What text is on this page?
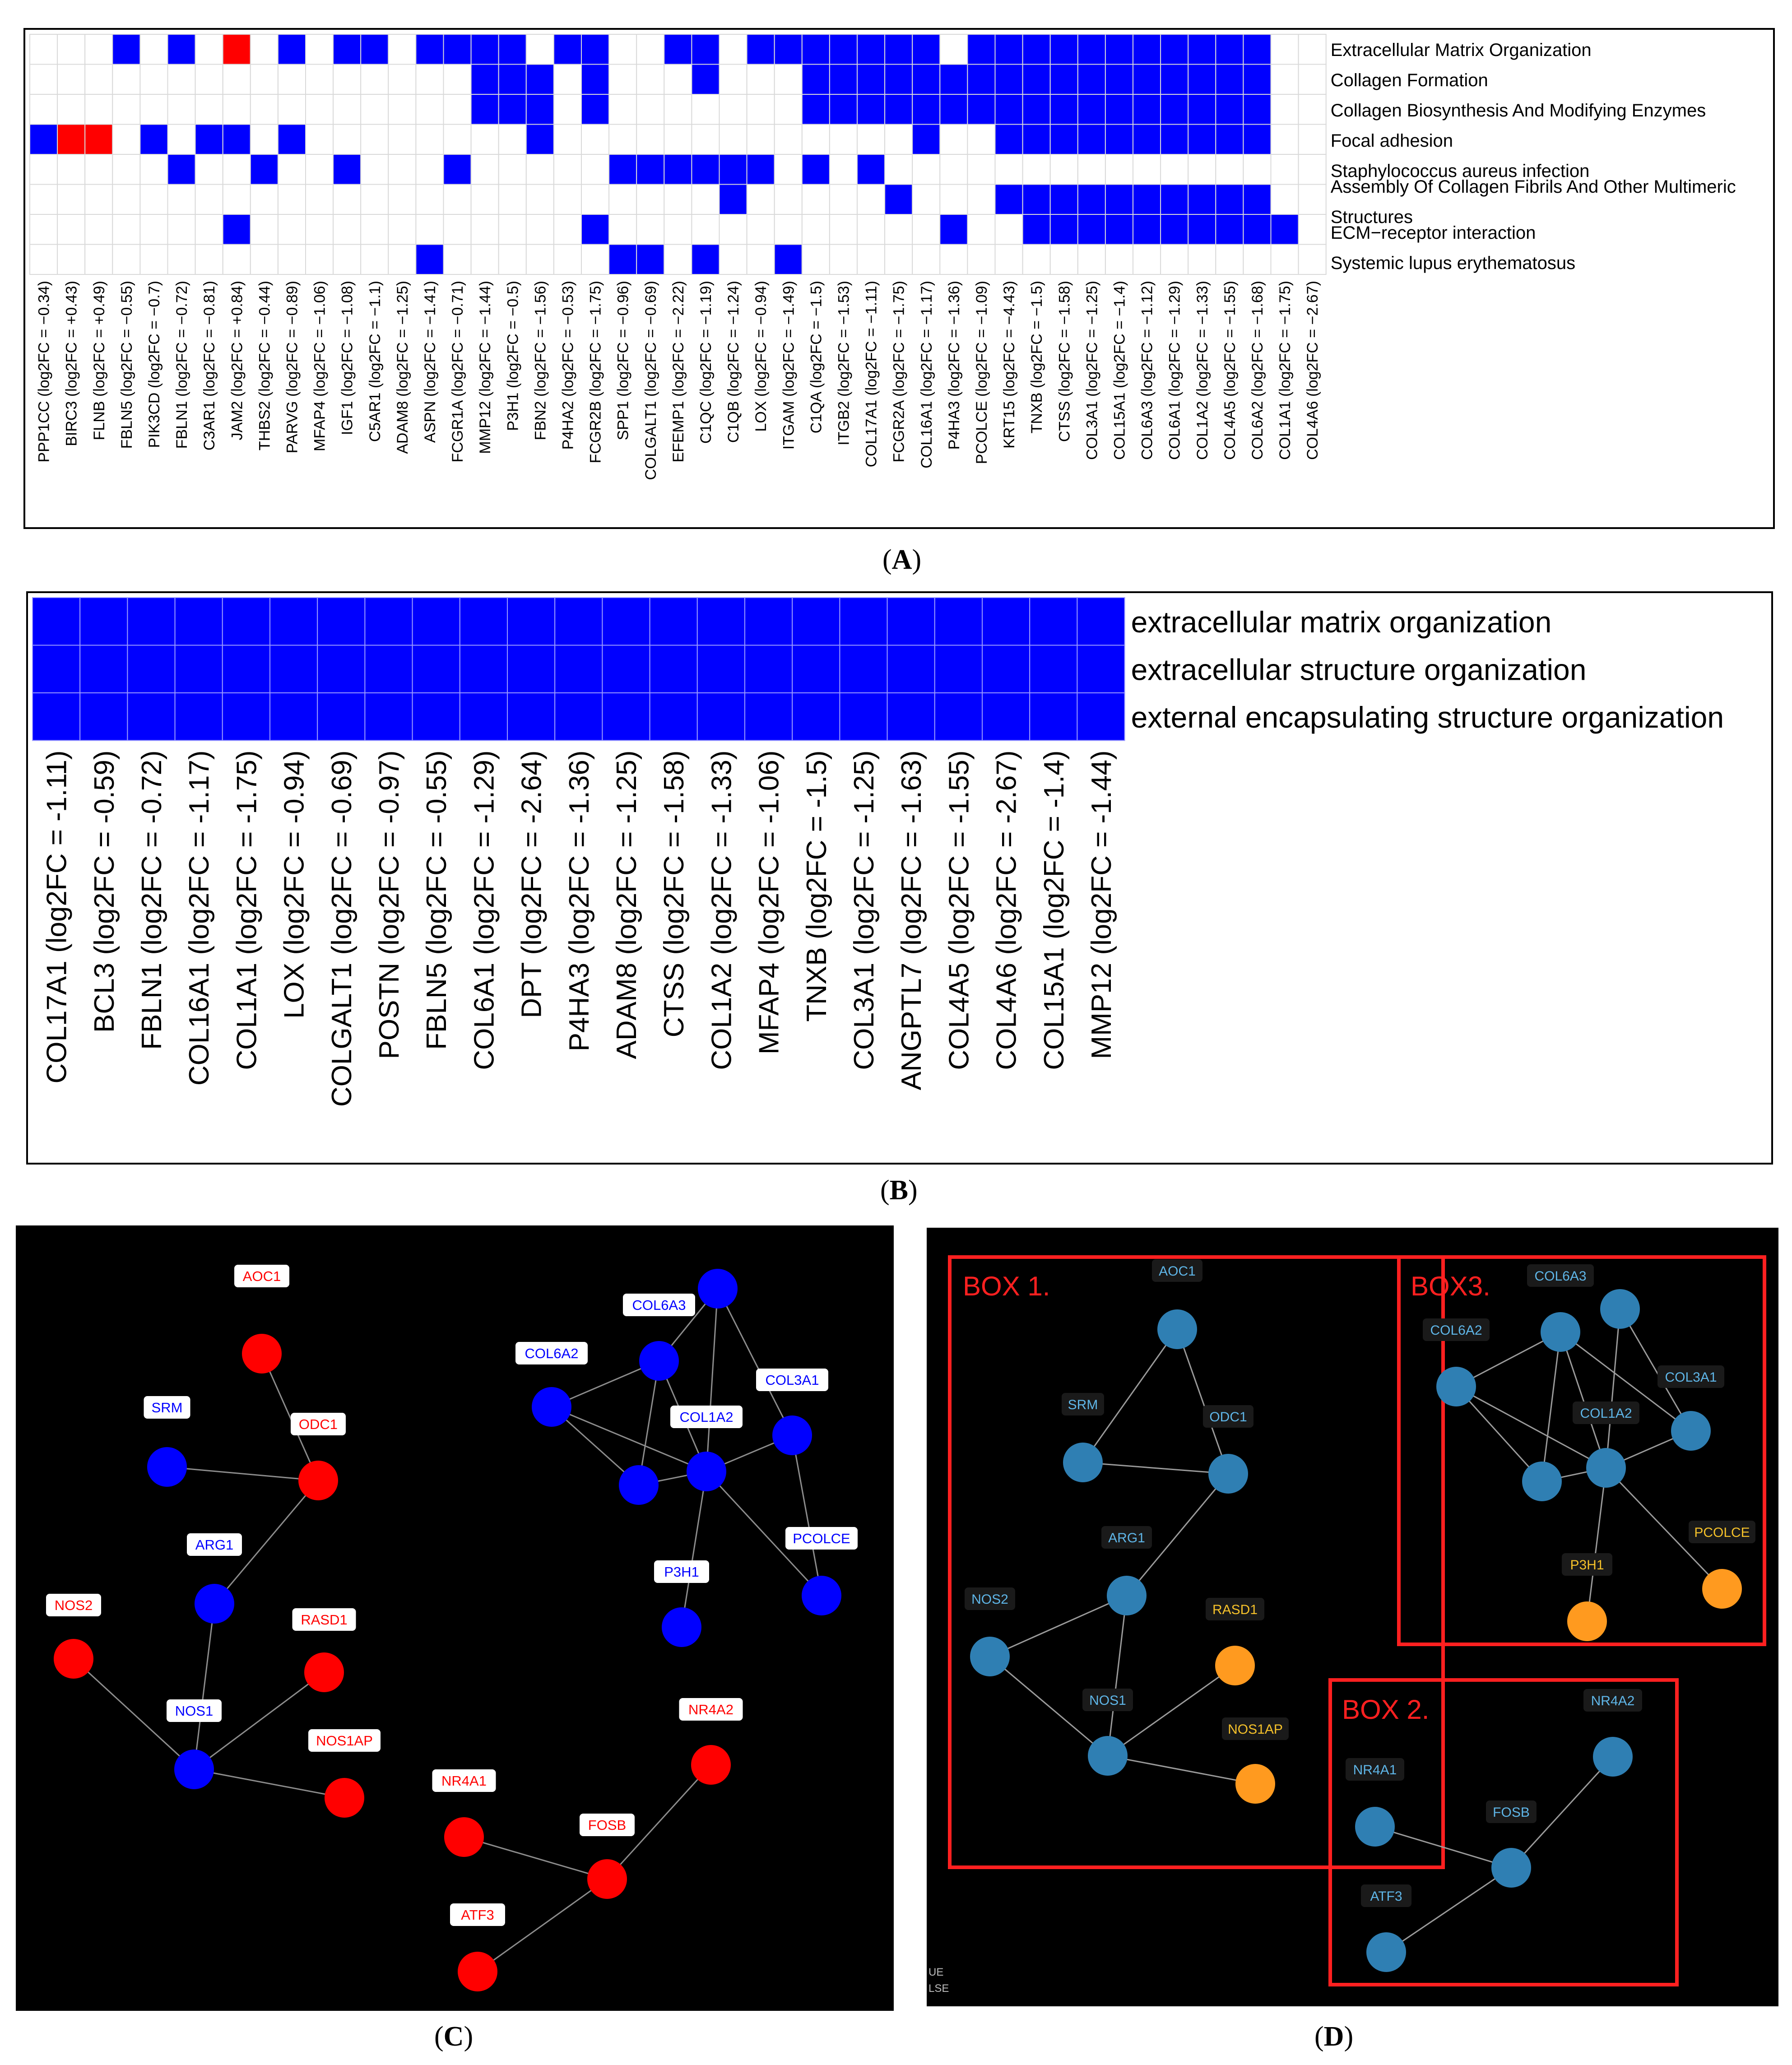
Extracellular Matrix Organization
Collagen Formation
Collagen Biosynthesis And Modifying Enzymes
Focal adhesion
Staphylococcus aureus infection
Assembly Of Collagen Fibrils And Other Multimeric
Structures
ECM−receptor interaction
Systemic lupus erythematosus
PPP1CC (log2FC = −0.34) BIRC3 (log2FC = +0.43) FLNB (log2FC = +0.49) FBLN5 (log2FC = −0.55) PIK3CD (log2FC = −0.7) FBLN1 (log2FC = −0.72) C3AR1 (log2FC = −0.81) JAM2 (log2FC = +0.84) THBS2 (log2FC = −0.44) PARVG (log2FC = −0.89) MFAP4 (log2FC = −1.06) IGF1 (log2FC = −1.08) C5AR1 (log2FC = −1.1) ADAM8 (log2FC = −1.25) ASPN (log2FC = −1.41) FCGR1A (log2FC = −0.71) MMP12 (log2FC = −1.44) P3H1 (log2FC = −0.5) FBN2 (log2FC = −1.56) P4HA2 (log2FC = −0.53) FCGR2B (log2FC = −1.75) SPP1 (log2FC = −0.96) COLGALT1 (log2FC = −0.69) EFEMP1 (log2FC = −2.22) C1QC (log2FC = −1.19) C1QB (log2FC = −1.24) LOX (log2FC = −0.94) ITGAM (log2FC = −1.49) C1QA (log2FC = −1.5) ITGB2 (log2FC = −1.53) COL17A1 (log2FC = −1.11) FCGR2A (log2FC = −1.75) COL16A1 (log2FC = −1.17) P4HA3 (log2FC = −1.36) PCOLCE (log2FC = −1.09) KRT15 (log2FC = −4.43) TNXB (log2FC = −1.5) CTSS (log2FC = −1.58) COL3A1 (log2FC = −1.25) COL15A1 (log2FC = −1.4) COL6A3 (log2FC = −1.12) COL6A1 (log2FC = −1.29) COL1A2 (log2FC = −1.33) COL4A5 (log2FC = −1.55) COL6A2 (log2FC = −1.68) COL1A1 (log2FC = −1.75) COL4A6 (log2FC = −2.67)
(A)
extracellular matrix organization
extracellular structure organization
external encapsulating structure organization
COL17A1 (log2FC = -1.11) BCL3 (log2FC = -0.59) FBLN1 (log2FC = -0.72) COL16A1 (log2FC = -1.17) COL1A1 (log2FC = -1.75) LOX (log2FC = -0.94) COLGALT1 (log2FC = -0.69) POSTN (log2FC = -0.97) FBLN5 (log2FC = -0.55) COL6A1 (log2FC = -1.29) DPT (log2FC = -2.64) P4HA3 (log2FC = -1.36) ADAM8 (log2FC = -1.25) CTSS (log2FC = -1.58) COL1A2 (log2FC = -1.33) MFAP4 (log2FC = -1.06) TNXB (log2FC = -1.5) COL3A1 (log2FC = -1.25) ANGPTL7 (log2FC = -1.63) COL4A5 (log2FC = -1.55) COL4A6 (log2FC = -2.67) COL15A1 (log2FC = -1.4) MMP12 (log2FC = -1.44)
(B)
AOC1
ODC1
SRM
ARG1
NOS2
RASD1
NOS1
NOS1AP
COL6A3
COL6A2
COL3A1
COL1A2
PCOLCE
P3H1
NR4A2
NR4A1
FOSB
ATF3
(C)
BOX 1.
BOX 2.
BOX3.
AOC1
SRM
ODC1
ARG1
NOS2
RASD1
NOS1
NOS1AP
COL6A3
COL6A2
COL3A1
COL1A2
P3H1
PCOLCE
NR4A2
NR4A1
FOSB
ATF3
UE
LSE
(D)
